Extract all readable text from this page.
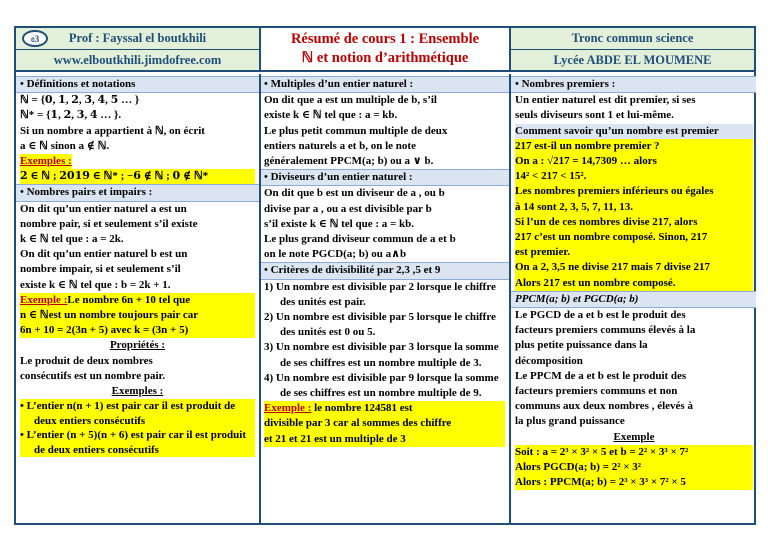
ɞ3	Prof : Fayssal el boutkhili
www.elboutkhili.jimdofree.com
Résumé de cours 1 : Ensemble
ℕ et notion d’arithmétique
Tronc commun science
Lycée ABDE EL MOUMENE
• Définitions et notations
ℕ = {𝟎, 𝟏, 𝟐, 𝟑, 𝟒, 𝟓 … }
ℕ* = {𝟏, 𝟐, 𝟑, 𝟒 … }.
Si un nombre a appartient à ℕ, on écrit
a ∈ ℕ sinon a ∉ ℕ.
Exemples :
𝟐 ∈ ℕ ; 𝟐𝟎𝟏𝟗 ∈ ℕ* ; −𝟔 ∉ ℕ ; 𝟎 ∉ ℕ*
• Nombres pairs et impairs :
On dit qu’un entier naturel a est un
nombre pair, si et seulement s’il existe
k ∈ ℕ tel que : a = 2k.
On dit qu’un entier naturel b est un
nombre impair, si et seulement s’il
existe k ∈ ℕ tel que : b = 2k + 1.
Exemple :Le nombre 6n + 10 tel que
n ∈ ℕest un nombre toujours pair car
6n + 10 = 2(3n + 5) avec k = (3n + 5)
Propriétés :
Le produit de deux nombres
consécutifs est un nombre pair.
Exemples :
• L’entier n(n + 1) est pair car il est produit de deux entiers consécutifs
• L’entier (n + 5)(n + 6) est pair car il est produit de deux entiers consécutifs
• Multiples d’un entier naturel :
On dit que a est un multiple de b, s’il
existe k ∈ ℕ tel que : a = kb.
Le plus petit commun multiple de deux
entiers naturels a et b, on le note
généralement PPCM(a; b) ou a ∨ b.
• Diviseurs d’un entier naturel :
On dit que b est un diviseur de a , ou b
divise par a , ou a est divisible par b
s’il existe k ∈ ℕ tel que : a = kb.
Le plus grand diviseur commun de a et b
on le note PGCD(a; b) ou a∧b
• Critères de divisibilité par 2,3 ,5 et 9
1) Un nombre est divisible par 2 lorsque le chiffre des unités est pair.
2) Un nombre est divisible par 5 lorsque le chiffre des unités est 0 ou 5.
3) Un nombre est divisible par 3 lorsque la somme de ses chiffres est un nombre multiple de 3.
4) Un nombre est divisible par 9 lorsque la somme de ses chiffres est un nombre multiple de 9.
Exemple : le nombre 124581 est
divisible par 3 car al sommes des chiffre
et 21 et 21 est un multiple de 3
• Nombres premiers :
Un entier naturel est dit premier, si ses
seuls diviseurs sont 1 et lui-même.
Comment savoir qu’un nombre est premier
217 est-il un nombre premier ?
On a : √217 = 14,7309 … alors
14² < 217 < 15².
Les nombres premiers inférieurs ou égales
à 14 sont 2, 3, 5, 7, 11, 13.
Si l’un de ces nombres divise 217, alors
217 c’est un nombre composé. Sinon, 217
est premier.
On a 2, 3,5 ne divise 217 mais 7 divise 217
Alors 217 est un nombre composé.
PPCM(a; b) et PGCD(a; b)
Le PGCD de a et b est le produit des
facteurs premiers communs élevés à la
plus petite puissance dans la
décomposition
Le PPCM de a et b est le produit des
facteurs premiers communs et non
communs aux deux nombres , élevés à
la plus grand puissance
Exemple
Soit : a = 2³ × 3² × 5 et b = 2² × 3³ × 7²
Alors PGCD(a; b) = 2² × 3²
Alors : PPCM(a; b) = 2³ × 3³ × 7² × 5
